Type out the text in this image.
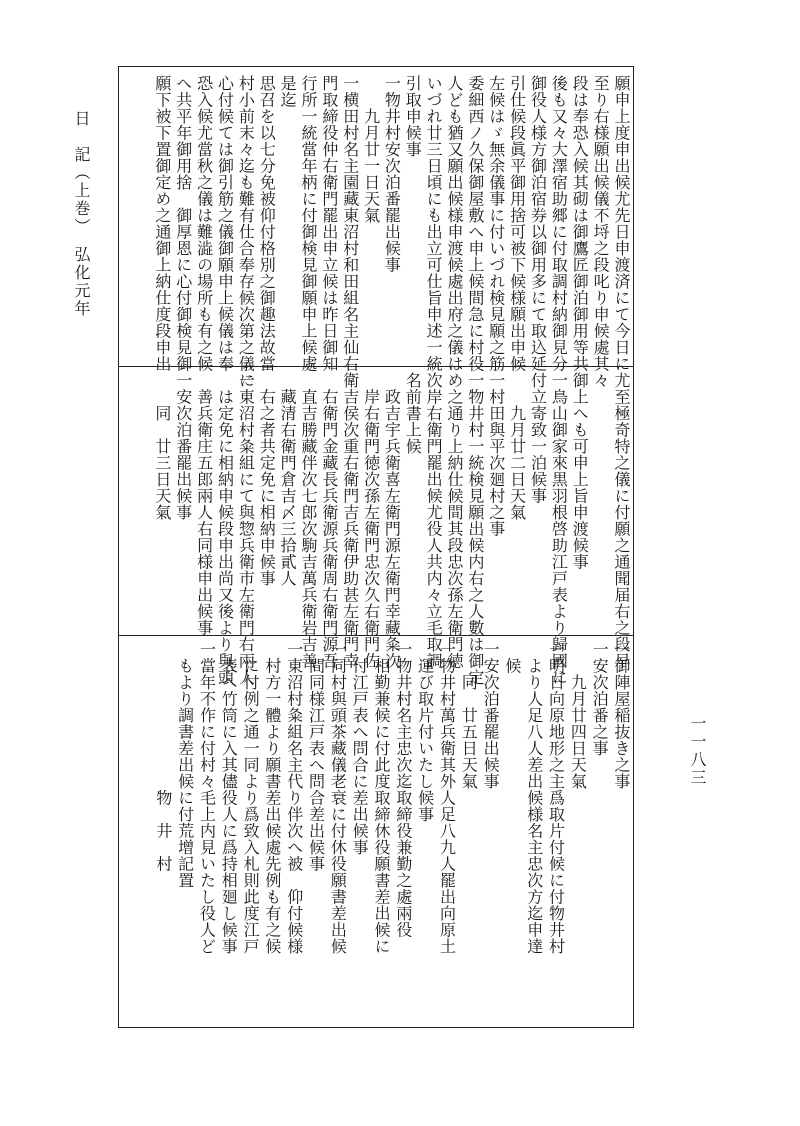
日　記（上巻）　弘化元年
一一八三
願申上度申出候尤先日申渡済にて今日に
至り右様願出候儀不埒之段叱り申候處其
段は奉恐入候其砌は御鷹匠御泊御用等共
後も又々大澤宿助郷に付取調村納御見分
御役人様方御泊宿券以御用多にて取込延
引仕候段眞平御用捨可被下候様願出申候
左候はゞ無余儀事に付いづれ検見願之筋
委細西ノ久保御屋敷へ申上候間急に村役
人ども猶又願出候様申渡候處出府之儀は
いづれ廿三日頃にも出立可仕旨申述一統
引取申候事
一物井村安次泊番罷出候事
　　九月廿一日天氣
一横田村名主園藏東沼村和田組名主仙右衛
門取締役仲右衛門罷出申立候は昨日御知
行所一統當年柄に付御検見御願申上候處
是迄
思召を以七分免被仰付格別之御趣法故當
村小前末々迄も難有仕合奉存候次第之儀に
心付候ては御引筋之儀御願申上候儀は奉
恐入候尤當秋之儀は難澁の場所も有之候
へ共平年御用捨　御厚恩に心付御検見御
願下被下置御定め之通御上納仕度段申出
尤至極奇特之儀に付願之通聞届右之段早
々
御上へも可申上旨申渡候事
一鳥山御家來黒羽根啓助江戸表より歸國に
付立寄致一泊候事
　　九月廿二日天氣
一村田與平次廻村之事
一物井村一統検見願出候内右之人數は御定
め之通り上納仕候間其段忠次孫左衛門徳
次岸右衛門罷出候尤役人共内々立毛取調
名前書上候
　政吉宇兵衛喜左衛門源左衛門幸藏粂次
　岸右衛門徳次孫左衛門忠次久右衛門佐
　吉侯次重右衛門吉兵衛伊助甚左衛門幸
　右衛門金藏長兵衛源兵衛周右衛門源吾
　直吉勝藏伴次七郎次駒吉萬兵衛岩吉善
　藏清右衛門倉吉〆三拾貳人
　右之者共定免に相納申候事
一東沼村粂組にて與惣兵衛市左衛門右兩人
　は定免に相納申候段申出尚又後より與頭
　善兵衛庄五郎兩人右同様申出候事
一安次泊番罷出候事
　　同　廿三日天氣
一御陣屋稲抜き之事
一安次泊番之事
　　九月廿四日天氣
一明日向原地形之主爲取片付候に付物井村
　より人足八人差出候様名主忠次方迄申達
　候
一安次泊番罷出候事
　　同　廿五日天氣
一物井村萬兵衛其外人足八九人罷出向原土
　運び取片付いたし候事
一物井村名主忠次迄取締役兼勤之處兩役
　相勤兼候に付此度取締休役願書差出候に
　付江戸表へ問合に差出候事
一同村與頭茶藏儀老衰に付休役願書差出候
　間同様江戸表へ問合差出候事
一東沼村粂組名主代り伴次へ被　仰付候様
　村方一體より願書差出候處先例も有之候
　に付例之通一同より爲致入札則此度江戸
　表へ竹筒に入其儘役人に爲持相廻し候事
一當年不作に付村々毛上内見いたし役人ど
　もより調書差出候に付荒增記置
　　　　　　　　　物　井　村
